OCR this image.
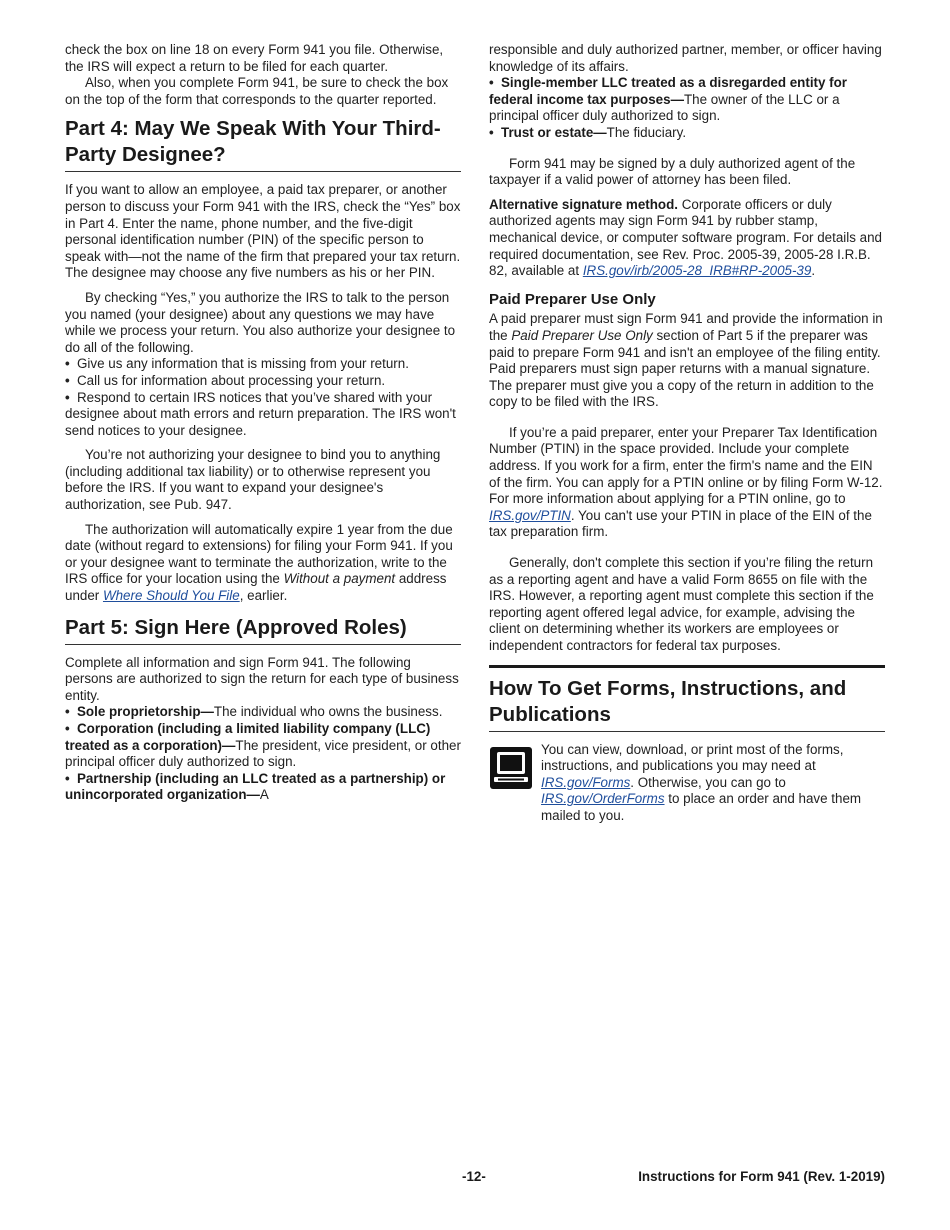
check the box on line 18 on every Form 941 you file. Otherwise, the IRS will expect a return to be filed for each quarter.

Also, when you complete Form 941, be sure to check the box on the top of the form that corresponds to the quarter reported.

Part 4: May We Speak With Your Third-Party Designee?

If you want to allow an employee, a paid tax preparer, or another person to discuss your Form 941 with the IRS, check the “Yes” box in Part 4. Enter the name, phone number, and the five-digit personal identification number (PIN) of the specific person to speak with—not the name of the firm that prepared your tax return. The designee may choose any five numbers as his or her PIN.

By checking “Yes,” you authorize the IRS to talk to the person you named (your designee) about any questions we may have while we process your return. You also authorize your designee to do all of the following.

• Give us any information that is missing from your return.

• Call us for information about processing your return.

• Respond to certain IRS notices that you’ve shared with your designee about math errors and return preparation. The IRS won't send notices to your designee.

You’re not authorizing your designee to bind you to anything (including additional tax liability) or to otherwise represent you before the IRS. If you want to expand your designee's authorization, see Pub. 947.

The authorization will automatically expire 1 year from the due date (without regard to extensions) for filing your Form 941. If you or your designee want to terminate the authorization, write to the IRS office for your location using the Without a payment address under Where Should You File, earlier.

Part 5: Sign Here (Approved Roles)

Complete all information and sign Form 941. The following persons are authorized to sign the return for each type of business entity.

• Sole proprietorship—The individual who owns the business.

• Corporation (including a limited liability company (LLC) treated as a corporation)—The president, vice president, or other principal officer duly authorized to sign.

• Partnership (including an LLC treated as a partnership) or unincorporated organization—A

responsible and duly authorized partner, member, or officer having knowledge of its affairs.

• Single-member LLC treated as a disregarded entity for federal income tax purposes—The owner of the LLC or a principal officer duly authorized to sign.

• Trust or estate—The fiduciary.

Form 941 may be signed by a duly authorized agent of the taxpayer if a valid power of attorney has been filed.

Alternative signature method. Corporate officers or duly authorized agents may sign Form 941 by rubber stamp, mechanical device, or computer software program. For details and required documentation, see Rev. Proc. 2005-39, 2005-28 I.R.B. 82, available at IRS.gov/irb/2005-28_IRB#RP-2005-39.

Paid Preparer Use Only

A paid preparer must sign Form 941 and provide the information in the Paid Preparer Use Only section of Part 5 if the preparer was paid to prepare Form 941 and isn't an employee of the filing entity. Paid preparers must sign paper returns with a manual signature. The preparer must give you a copy of the return in addition to the copy to be filed with the IRS.

If you’re a paid preparer, enter your Preparer Tax Identification Number (PTIN) in the space provided. Include your complete address. If you work for a firm, enter the firm's name and the EIN of the firm. You can apply for a PTIN online or by filing Form W-12. For more information about applying for a PTIN online, go to IRS.gov/PTIN. You can't use your PTIN in place of the EIN of the tax preparation firm.

Generally, don't complete this section if you’re filing the return as a reporting agent and have a valid Form 8655 on file with the IRS. However, a reporting agent must complete this section if the reporting agent offered legal advice, for example, advising the client on determining whether its workers are employees or independent contractors for federal tax purposes.

How To Get Forms, Instructions, and Publications

You can view, download, or print most of the forms, instructions, and publications you may need at IRS.gov/Forms. Otherwise, you can go to IRS.gov/OrderForms to place an order and have them mailed to you.

-12-	Instructions for Form 941 (Rev. 1-2019)
